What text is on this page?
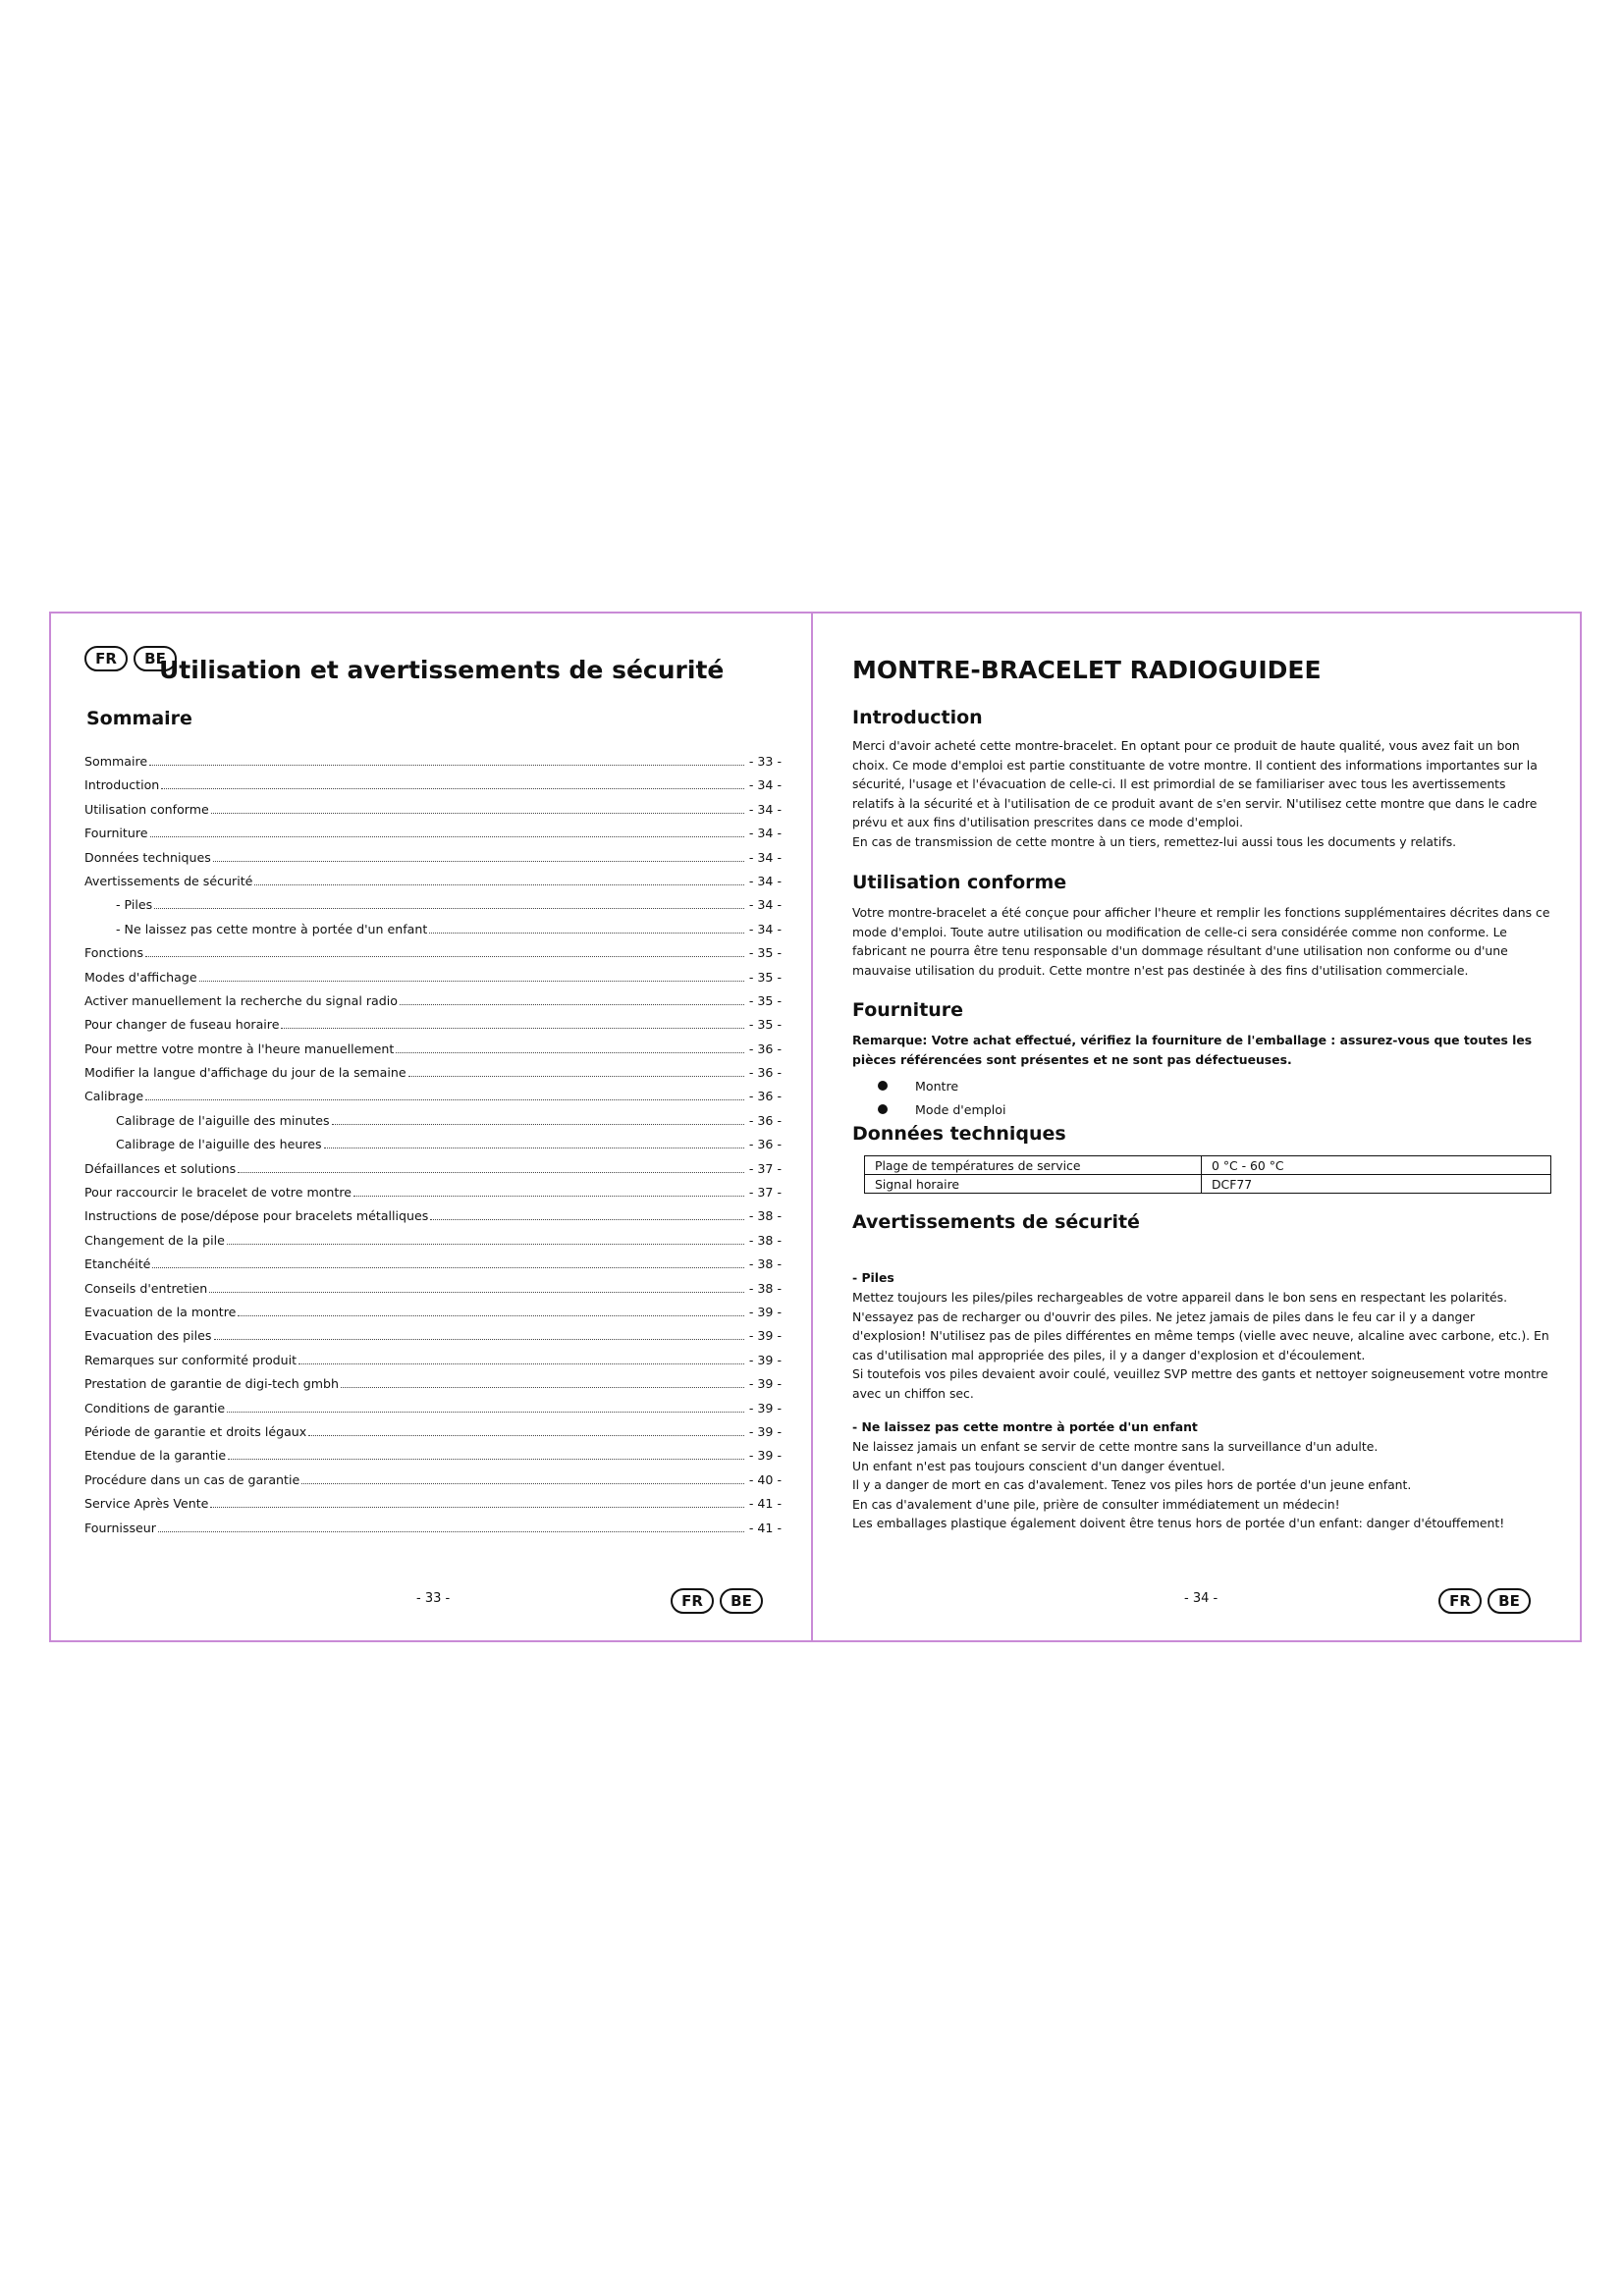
FR	BE
Utilisation et avertissements de sécurité
Sommaire
Sommaire	- 33 -
Introduction	- 34 -
Utilisation conforme	- 34 -
Fourniture	- 34 -
Données techniques	- 34 -
Avertissements de sécurité	- 34 -
- Piles	- 34 -
- Ne laissez pas cette montre à portée d'un enfant	- 34 -
Fonctions	- 35 -
Modes d'affichage	- 35 -
Activer manuellement la recherche du signal radio	- 35 -
Pour changer de fuseau horaire	- 35 -
Pour mettre votre montre à l'heure manuellement	- 36 -
Modifier la langue d'affichage du jour de la semaine	- 36 -
Calibrage	- 36 -
Calibrage de l'aiguille des minutes	- 36 -
Calibrage de l'aiguille des heures	- 36 -
Défaillances et solutions	- 37 -
Pour raccourcir le bracelet de votre montre	- 37 -
Instructions de pose/dépose pour bracelets métalliques	- 38 -
Changement de la pile	- 38 -
Etanchéité	- 38 -
Conseils d'entretien	- 38 -
Evacuation de la montre	- 39 -
Evacuation des piles	- 39 -
Remarques sur conformité produit	- 39 -
Prestation de garantie de digi-tech gmbh	- 39 -
Conditions de garantie	- 39 -
Période de garantie et droits légaux	- 39 -
Etendue de la garantie	- 39 -
Procédure dans un cas de garantie	- 40 -
Service Après Vente	- 41 -
Fournisseur	- 41 -
- 33 -	FR	BE
MONTRE-BRACELET RADIOGUIDEE
Introduction

Merci d'avoir acheté cette montre-bracelet. En optant pour ce produit de haute qualité, vous avez fait un bon choix. Ce mode d'emploi est partie constituante de votre montre. Il contient des informations importantes sur la sécurité, l'usage et l'évacuation de celle-ci. Il est primordial de se familiariser avec tous les avertissements relatifs à la sécurité et à l'utilisation de ce produit avant de s'en servir. N'utilisez cette montre que dans le cadre prévu et aux fins d'utilisation prescrites dans ce mode d'emploi.

En cas de transmission de cette montre à un tiers, remettez-lui aussi tous les documents y relatifs.

Utilisation conforme

Votre montre-bracelet a été conçue pour afficher l'heure et remplir les fonctions supplémentaires décrites dans ce mode d'emploi. Toute autre utilisation ou modification de celle-ci sera considérée comme non conforme. Le fabricant ne pourra être tenu responsable d'un dommage résultant d'une utilisation non conforme ou d'une mauvaise utilisation du produit. Cette montre n'est pas destinée à des fins d'utilisation commerciale.

Fourniture

Remarque: Votre achat effectué, vérifiez la fourniture de l'emballage : assurez-vous que toutes les pièces référencées sont présentes et ne sont pas défectueuses.

Montre
Mode d'emploi
Données techniques
Plage de températures de service	0 °C - 60 °C
Signal horaire	DCF77
Avertissements de sécurité

- Piles

Mettez toujours les piles/piles rechargeables de votre appareil dans le bon sens en respectant les polarités. N'essayez pas de recharger ou d'ouvrir des piles. Ne jetez jamais de piles dans le feu car il y a danger d'explosion! N'utilisez pas de piles différentes en même temps (vielle avec neuve, alcaline avec carbone, etc.). En cas d'utilisation mal appropriée des piles, il y a danger d'explosion et d'écoulement.

Si toutefois vos piles devaient avoir coulé, veuillez SVP mettre des gants et nettoyer soigneusement votre montre avec un chiffon sec.

- Ne laissez pas cette montre à portée d'un enfant

Ne laissez jamais un enfant se servir de cette montre sans la surveillance d'un adulte.

Un enfant n'est pas toujours conscient d'un danger éventuel.

Il y a danger de mort en cas d'avalement. Tenez vos piles hors de portée d'un jeune enfant.

En cas d'avalement d'une pile, prière de consulter immédiatement un médecin!

Les emballages plastique également doivent être tenus hors de portée d'un enfant: danger d'étouffement!

- 34 -	FR	BE
